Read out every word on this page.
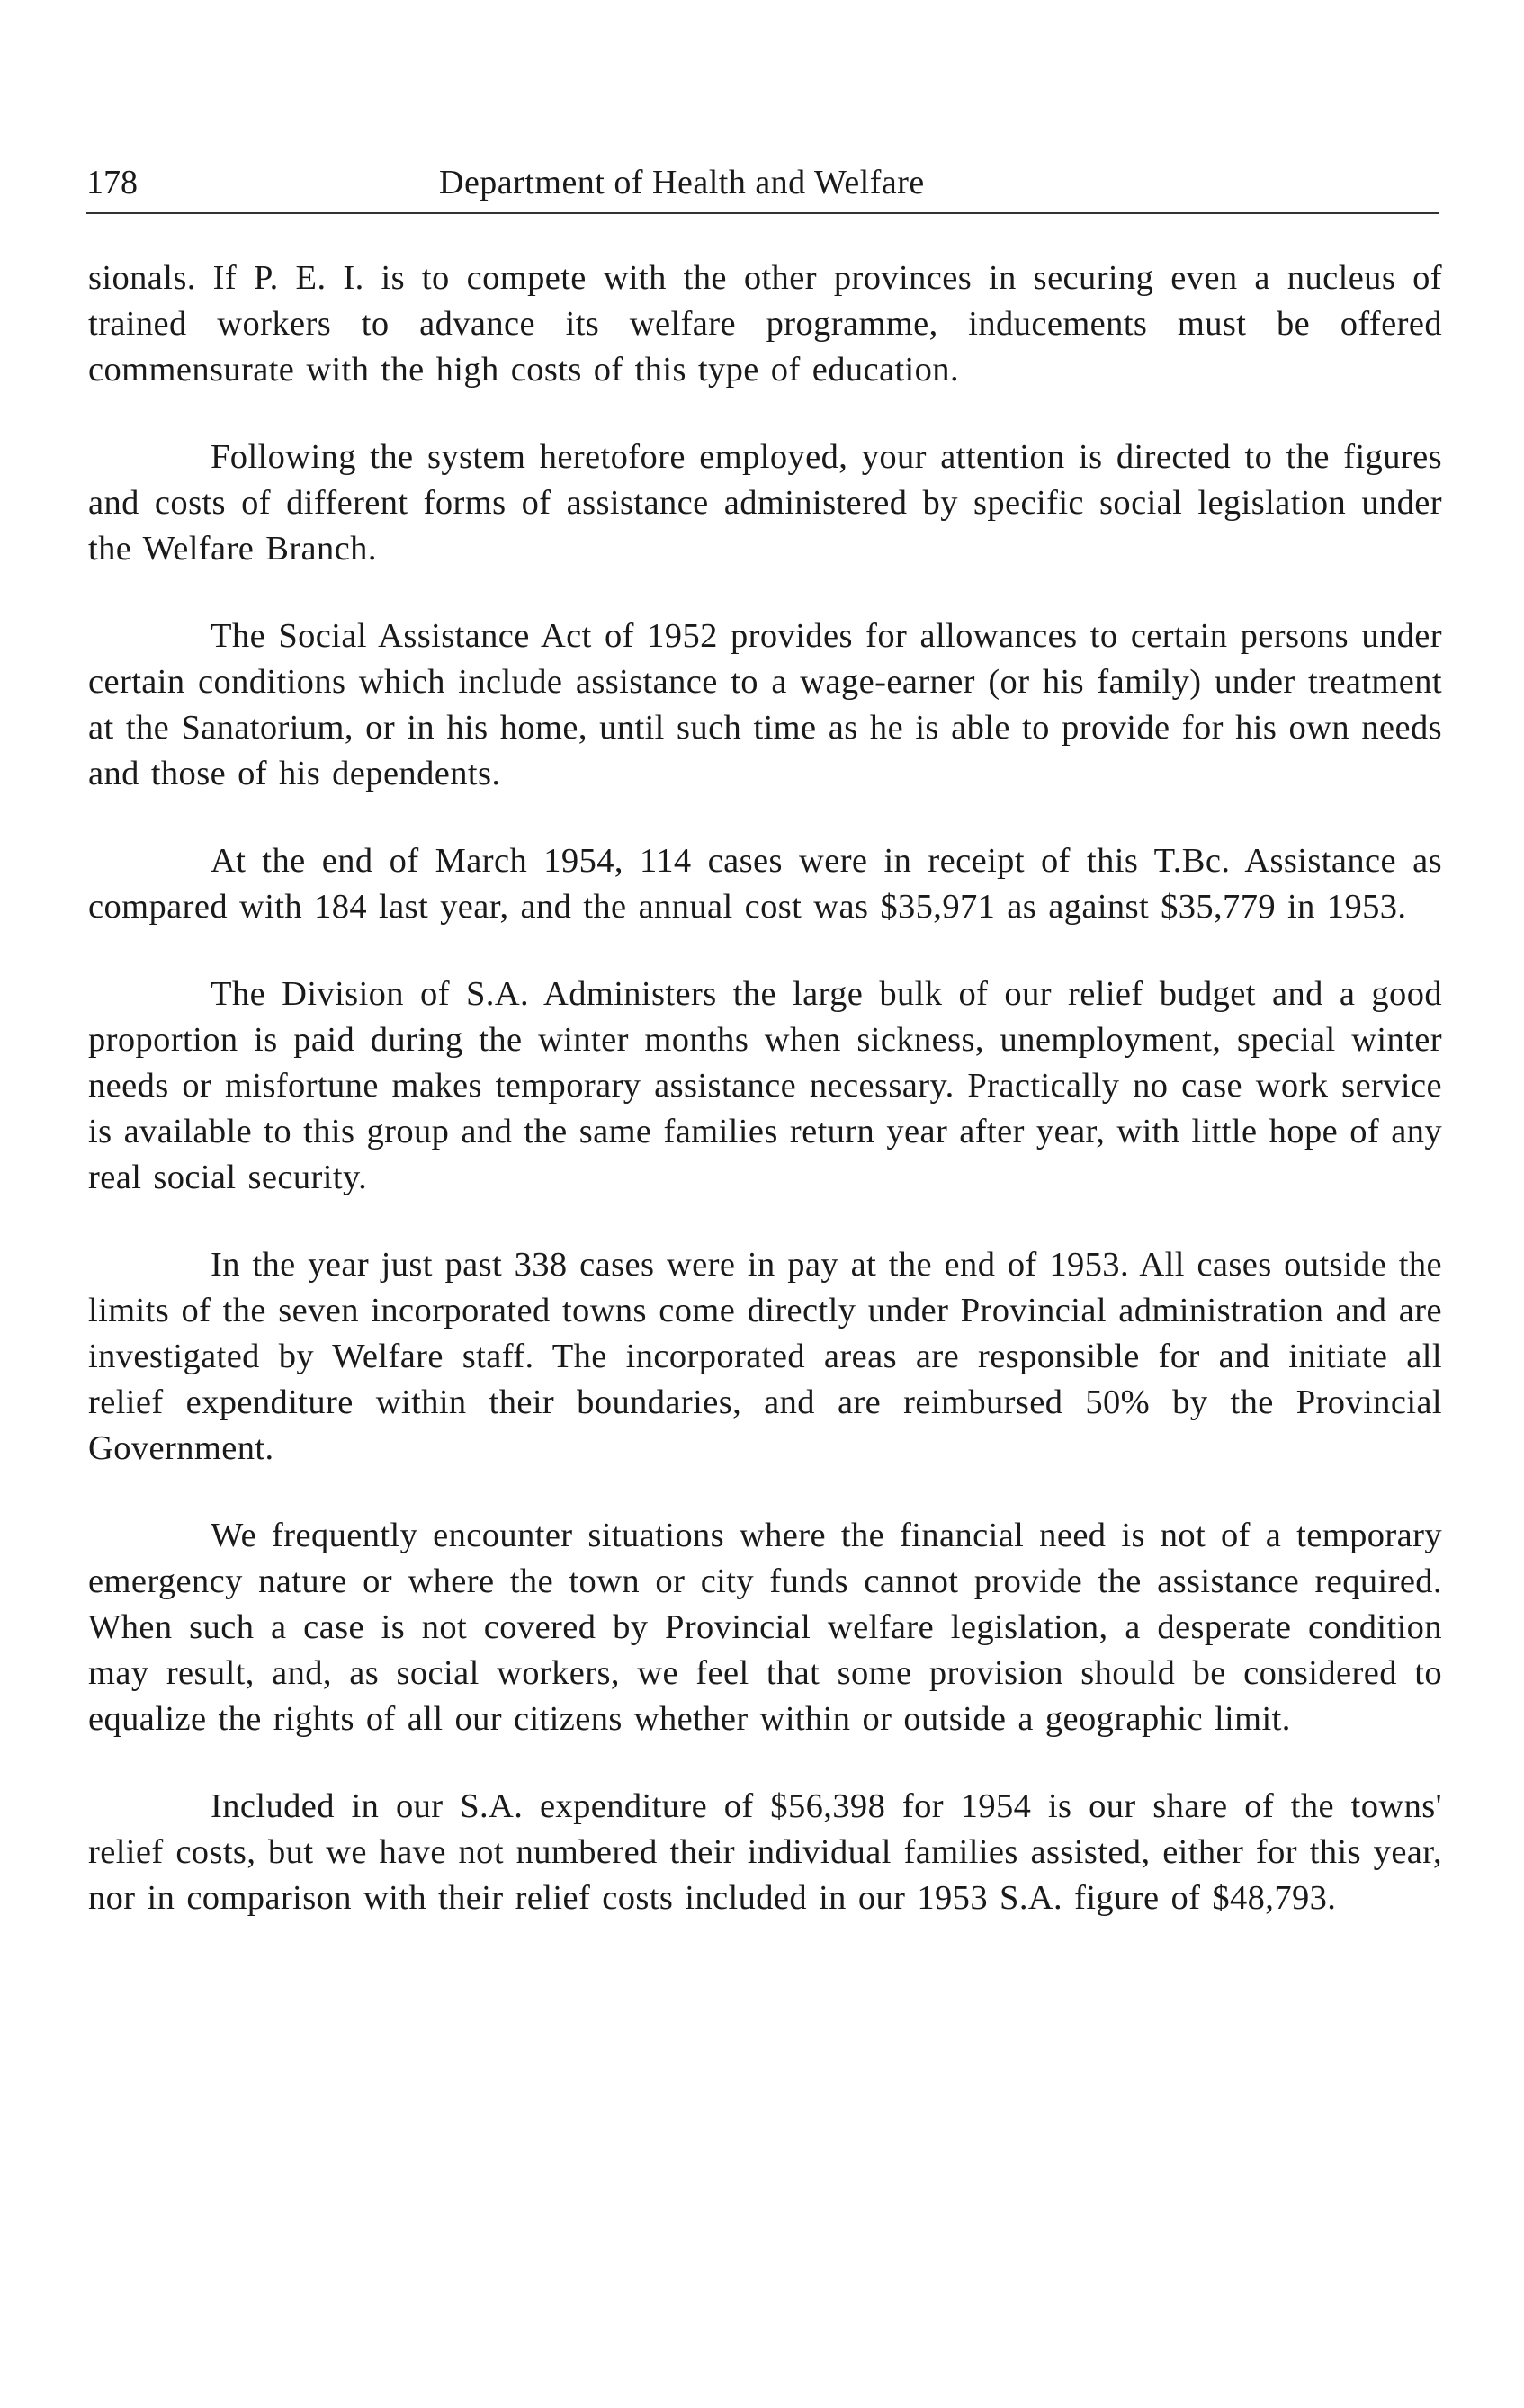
178	Department of Health and Welfare

sionals. If P. E. I. is to compete with the other provinces in securing even a nucleus of trained workers to advance its welfare programme, inducements must be offered commensurate with the high costs of this type of education.

Following the system heretofore employed, your attention is directed to the figures and costs of different forms of assistance administered by specific social legislation under the Welfare Branch.

The Social Assistance Act of 1952 provides for allowances to certain persons under certain conditions which include assistance to a wage-earner (or his family) under treatment at the Sanatorium, or in his home, until such time as he is able to provide for his own needs and those of his dependents.

At the end of March 1954, 114 cases were in receipt of this T.Bc. Assistance as compared with 184 last year, and the annual cost was $35,971 as against $35,779 in 1953.

The Division of S.A. Administers the large bulk of our relief budget and a good proportion is paid during the winter months when sickness, unemployment, special winter needs or misfortune makes temporary assistance necessary. Practically no case work service is available to this group and the same families return year after year, with little hope of any real social security.

In the year just past 338 cases were in pay at the end of 1953. All cases outside the limits of the seven incorporated towns come directly under Provincial administration and are investigated by Welfare staff. The incorporated areas are responsible for and initiate all relief expenditure within their boundaries, and are reimbursed 50% by the Provincial Government.

We frequently encounter situations where the financial need is not of a temporary emergency nature or where the town or city funds cannot provide the assistance required. When such a case is not covered by Provincial welfare legislation, a desperate condition may result, and, as social workers, we feel that some provision should be considered to equalize the rights of all our citizens whether within or outside a geographic limit.

Included in our S.A. expenditure of $56,398 for 1954 is our share of the towns' relief costs, but we have not numbered their individual families assisted, either for this year, nor in comparison with their relief costs included in our 1953 S.A. figure of $48,793.
